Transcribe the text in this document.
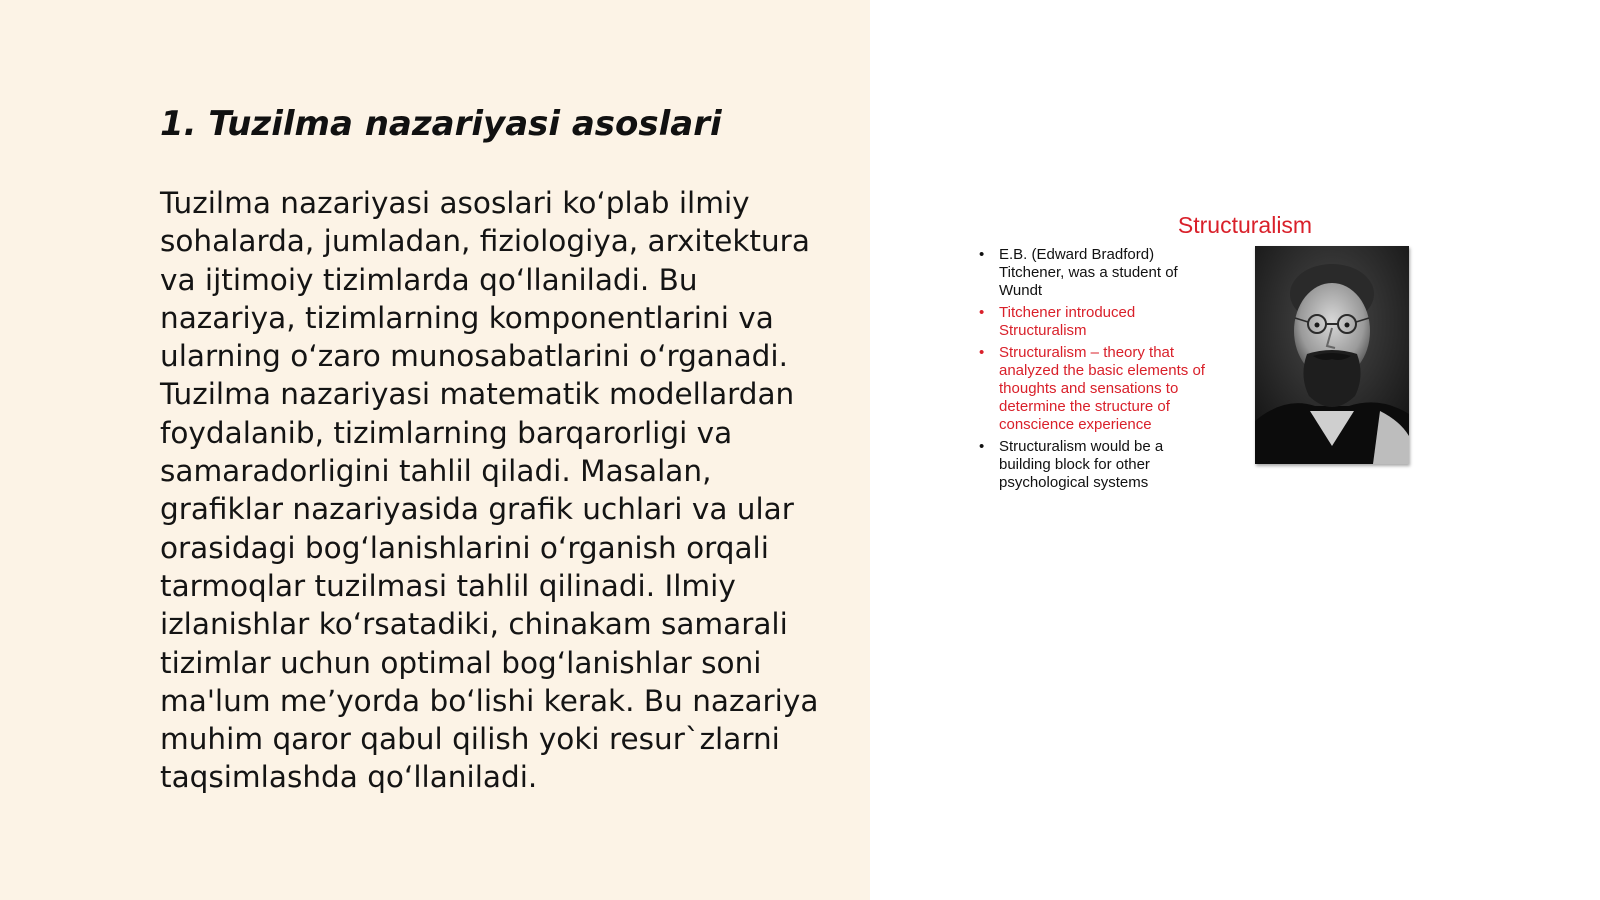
1. Tuzilma nazariyasi asoslari

Tuzilma nazariyasi asoslari ko‘plab ilmiy sohalarda, jumladan, fiziologiya, arxitektura va ijtimoiy tizimlarda qo‘llaniladi. Bu nazariya, tizimlarning komponentlarini va ularning o‘zaro munosabatlarini o‘rganadi. Tuzilma nazariyasi matematik modellardan foydalanib, tizimlarning barqarorligi va samaradorligini tahlil qiladi. Masalan, grafiklar nazariyasida grafik uchlari va ular orasidagi bog‘lanishlarini o‘rganish orqali tarmoqlar tuzilmasi tahlil qilinadi. Ilmiy izlanishlar ko‘rsatadiki, chinakam samarali tizimlar uchun optimal bog‘lanishlar soni ma'lum me’yorda bo‘lishi kerak. Bu nazariya muhim qaror qabul qilish yoki resur`zlarni taqsimlashda qo‘llaniladi.

Structuralism
• E.B. (Edward Bradford) Titchener, was a student of Wundt
• Titchener introduced Structuralism
• Structuralism – theory that analyzed the basic elements of thoughts and sensations to determine the structure of conscience experience
• Structuralism would be a building block for other psychological systems
